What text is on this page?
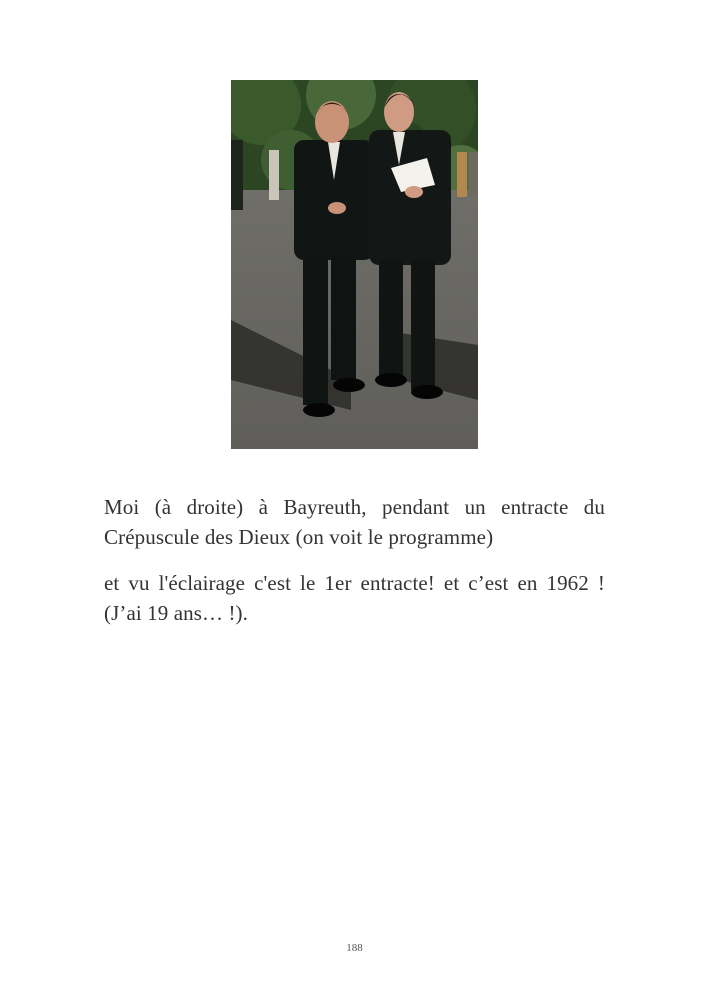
Moi (à droite) à Bayreuth, pendant un entracte du Crépuscule des Dieux (on voit le programme)

et vu l'éclairage c'est le 1er entracte! et c’est en 1962 ! (J’ai 19 ans… !).

188
